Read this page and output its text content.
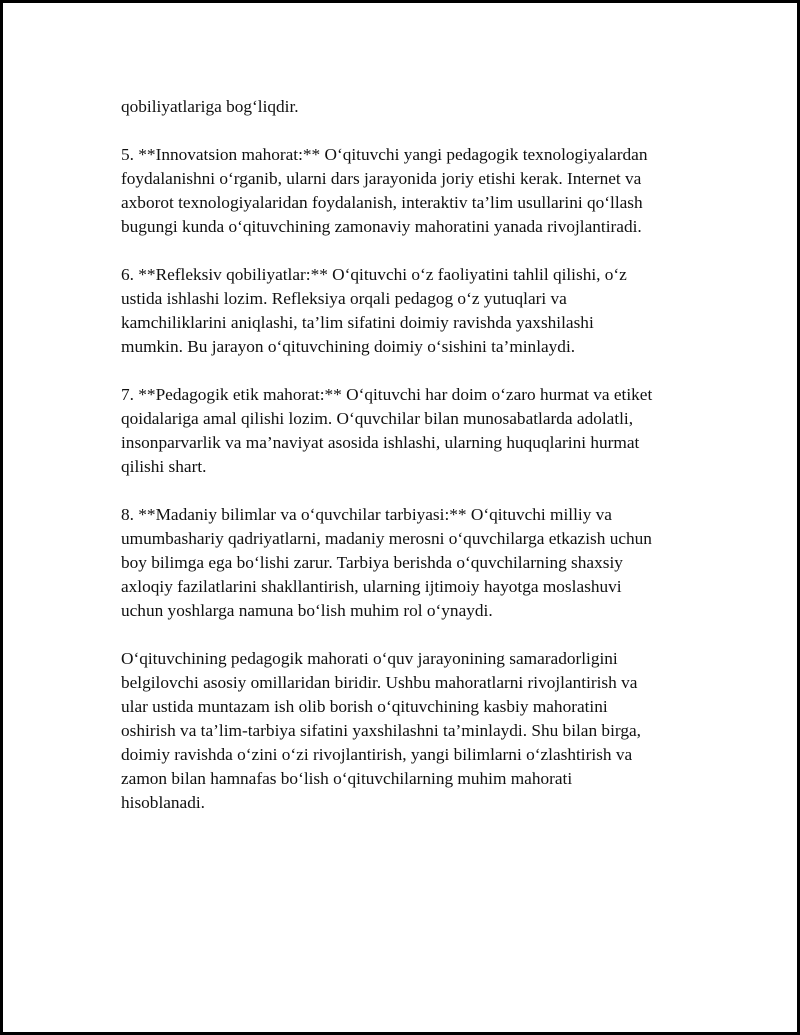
qobiliyatlariga bog‘liqdir.

5. **Innovatsion mahorat:** O‘qituvchi yangi pedagogik texnologiyalardan
foydalanishni o‘rganib, ularni dars jarayonida joriy etishi kerak. Internet va
axborot texnologiyalaridan foydalanish, interaktiv ta’lim usullarini qo‘llash
bugungi kunda o‘qituvchining zamonaviy mahoratini yanada rivojlantiradi.

6. **Refleksiv qobiliyatlar:** O‘qituvchi o‘z faoliyatini tahlil qilishi, o‘z
ustida ishlashi lozim. Refleksiya orqali pedagog o‘z yutuqlari va
kamchiliklarini aniqlashi, ta’lim sifatini doimiy ravishda yaxshilashi
mumkin. Bu jarayon o‘qituvchining doimiy o‘sishini ta’minlaydi.

7. **Pedagogik etik mahorat:** O‘qituvchi har doim o‘zaro hurmat va etiket
qoidalariga amal qilishi lozim. O‘quvchilar bilan munosabatlarda adolatli,
insonparvarlik va ma’naviyat asosida ishlashi, ularning huquqlarini hurmat
qilishi shart.

8. **Madaniy bilimlar va o‘quvchilar tarbiyasi:** O‘qituvchi milliy va
umumbashariy qadriyatlarni, madaniy merosni o‘quvchilarga etkazish uchun
boy bilimga ega bo‘lishi zarur. Tarbiya berishda o‘quvchilarning shaxsiy
axloqiy fazilatlarini shakllantirish, ularning ijtimoiy hayotga moslashuvi
uchun yoshlarga namuna bo‘lish muhim rol o‘ynaydi.

O‘qituvchining pedagogik mahorati o‘quv jarayonining samaradorligini
belgilovchi asosiy omillaridan biridir. Ushbu mahoratlarni rivojlantirish va
ular ustida muntazam ish olib borish o‘qituvchining kasbiy mahoratini
oshirish va ta’lim-tarbiya sifatini yaxshilashni ta’minlaydi. Shu bilan birga,
doimiy ravishda o‘zini o‘zi rivojlantirish, yangi bilimlarni o‘zlashtirish va
zamon bilan hamnafas bo‘lish o‘qituvchilarning muhim mahorati
hisoblanadi.
